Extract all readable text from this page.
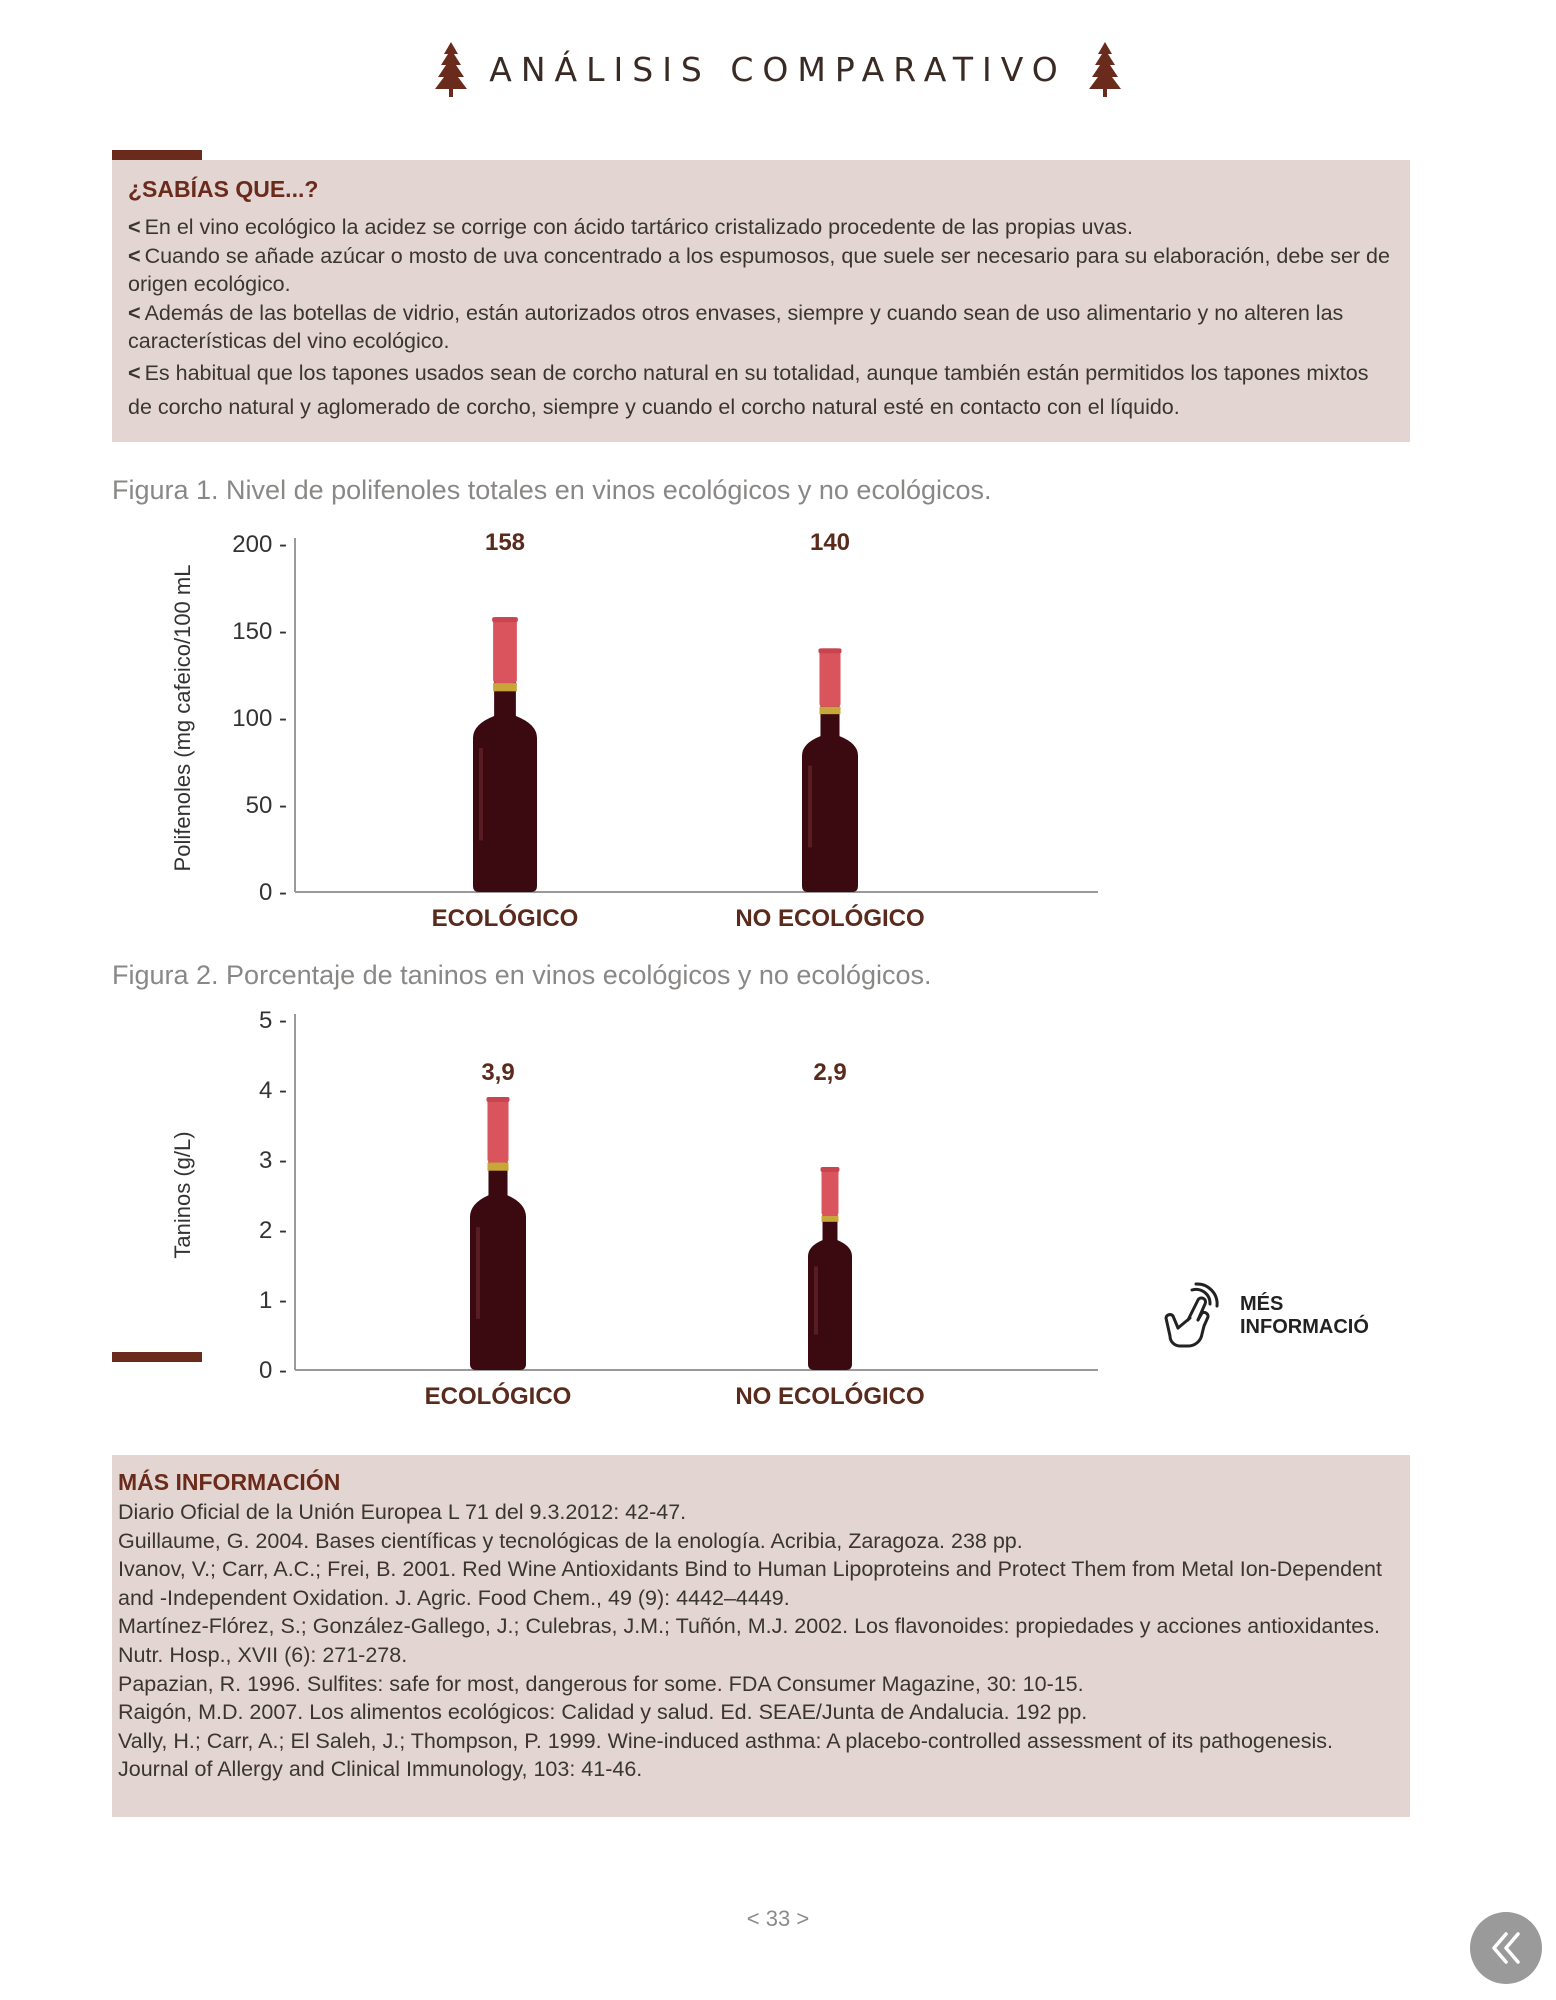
ANÁLISIS COMPARATIVO
¿SABÍAS QUE...?

< En el vino ecológico la acidez se corrige con ácido tartárico cristalizado procedente de las propias uvas.

< Cuando se añade azúcar o mosto de uva concentrado a los espumosos, que suele ser necesario para su elaboración, debe ser de origen ecológico.

< Además de las botellas de vidrio, están autorizados otros envases, siempre y cuando sean de uso alimentario y no alteren las características del vino ecológico.

< Es habitual que los tapones usados sean de corcho natural en su totalidad, aunque también están permitidos los tapones mixtos de corcho natural y aglomerado de corcho, siempre y cuando el corcho natural esté en contacto con el líquido.

Figura 1. Nivel de polifenoles totales en vinos ecológicos y no ecológicos.
0 -
50 -
100 -
150 -
200 -
Polifenoles (mg cafeico/100 mL
158
ECOLÓGICO
140
NO ECOLÓGICO
Figura 2. Porcentaje de taninos en vinos ecológicos y no ecológicos.
0 -
1 -
2 -
3 -
4 -
5 -
Taninos (g/L)
3,9
ECOLÓGICO
2,9
NO ECOLÓGICO
MÉS
INFORMACIÓ
MÁS INFORMACIÓN

Diario Oficial de la Unión Europea L 71 del 9.3.2012: 42-47.

Guillaume, G. 2004. Bases científicas y tecnológicas de la enología. Acribia, Zaragoza. 238 pp.

Ivanov, V.; Carr, A.C.; Frei, B. 2001. Red Wine Antioxidants Bind to Human Lipoproteins and Protect Them from Metal Ion-Dependent and -Independent Oxidation. J. Agric. Food Chem., 49 (9): 4442–4449.

Martínez-Flórez, S.; González-Gallego, J.; Culebras, J.M.; Tuñón, M.J. 2002. Los flavonoides: propiedades y acciones antioxidantes. Nutr. Hosp., XVII (6): 271-278.

Papazian, R. 1996. Sulfites: safe for most, dangerous for some. FDA Consumer Magazine, 30: 10-15.

Raigón, M.D. 2007. Los alimentos ecológicos: Calidad y salud. Ed. SEAE/Junta de Andalucia. 192 pp.

Vally, H.; Carr, A.; El Saleh, J.; Thompson, P. 1999. Wine-induced asthma: A placebo-controlled assessment of its pathogenesis. Journal of Allergy and Clinical Immunology, 103: 41-46.

< 33 >
